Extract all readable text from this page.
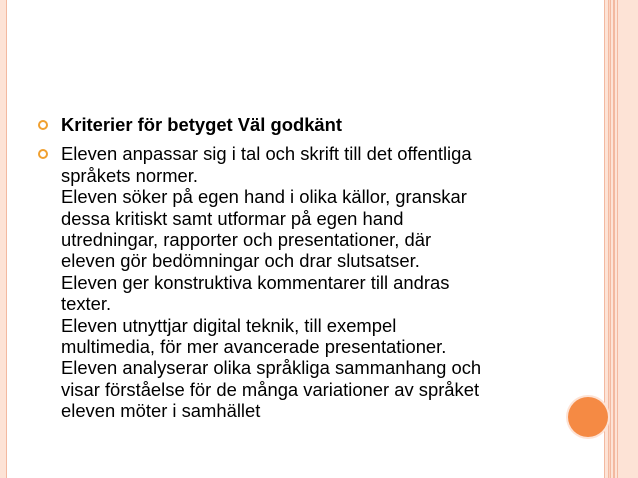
Kriterier för betyget Väl godkänt
Eleven anpassar sig i tal och skrift till det offentliga
språkets normer.
Eleven söker på egen hand i olika källor, granskar
dessa kritiskt samt utformar på egen hand
utredningar, rapporter och presentationer, där
eleven gör bedömningar och drar slutsatser.
Eleven ger konstruktiva kommentarer till andras
texter.
Eleven utnyttjar digital teknik, till exempel
multimedia, för mer avancerade presentationer.
Eleven analyserar olika språkliga sammanhang och
visar förståelse för de många variationer av språket
eleven möter i samhället
